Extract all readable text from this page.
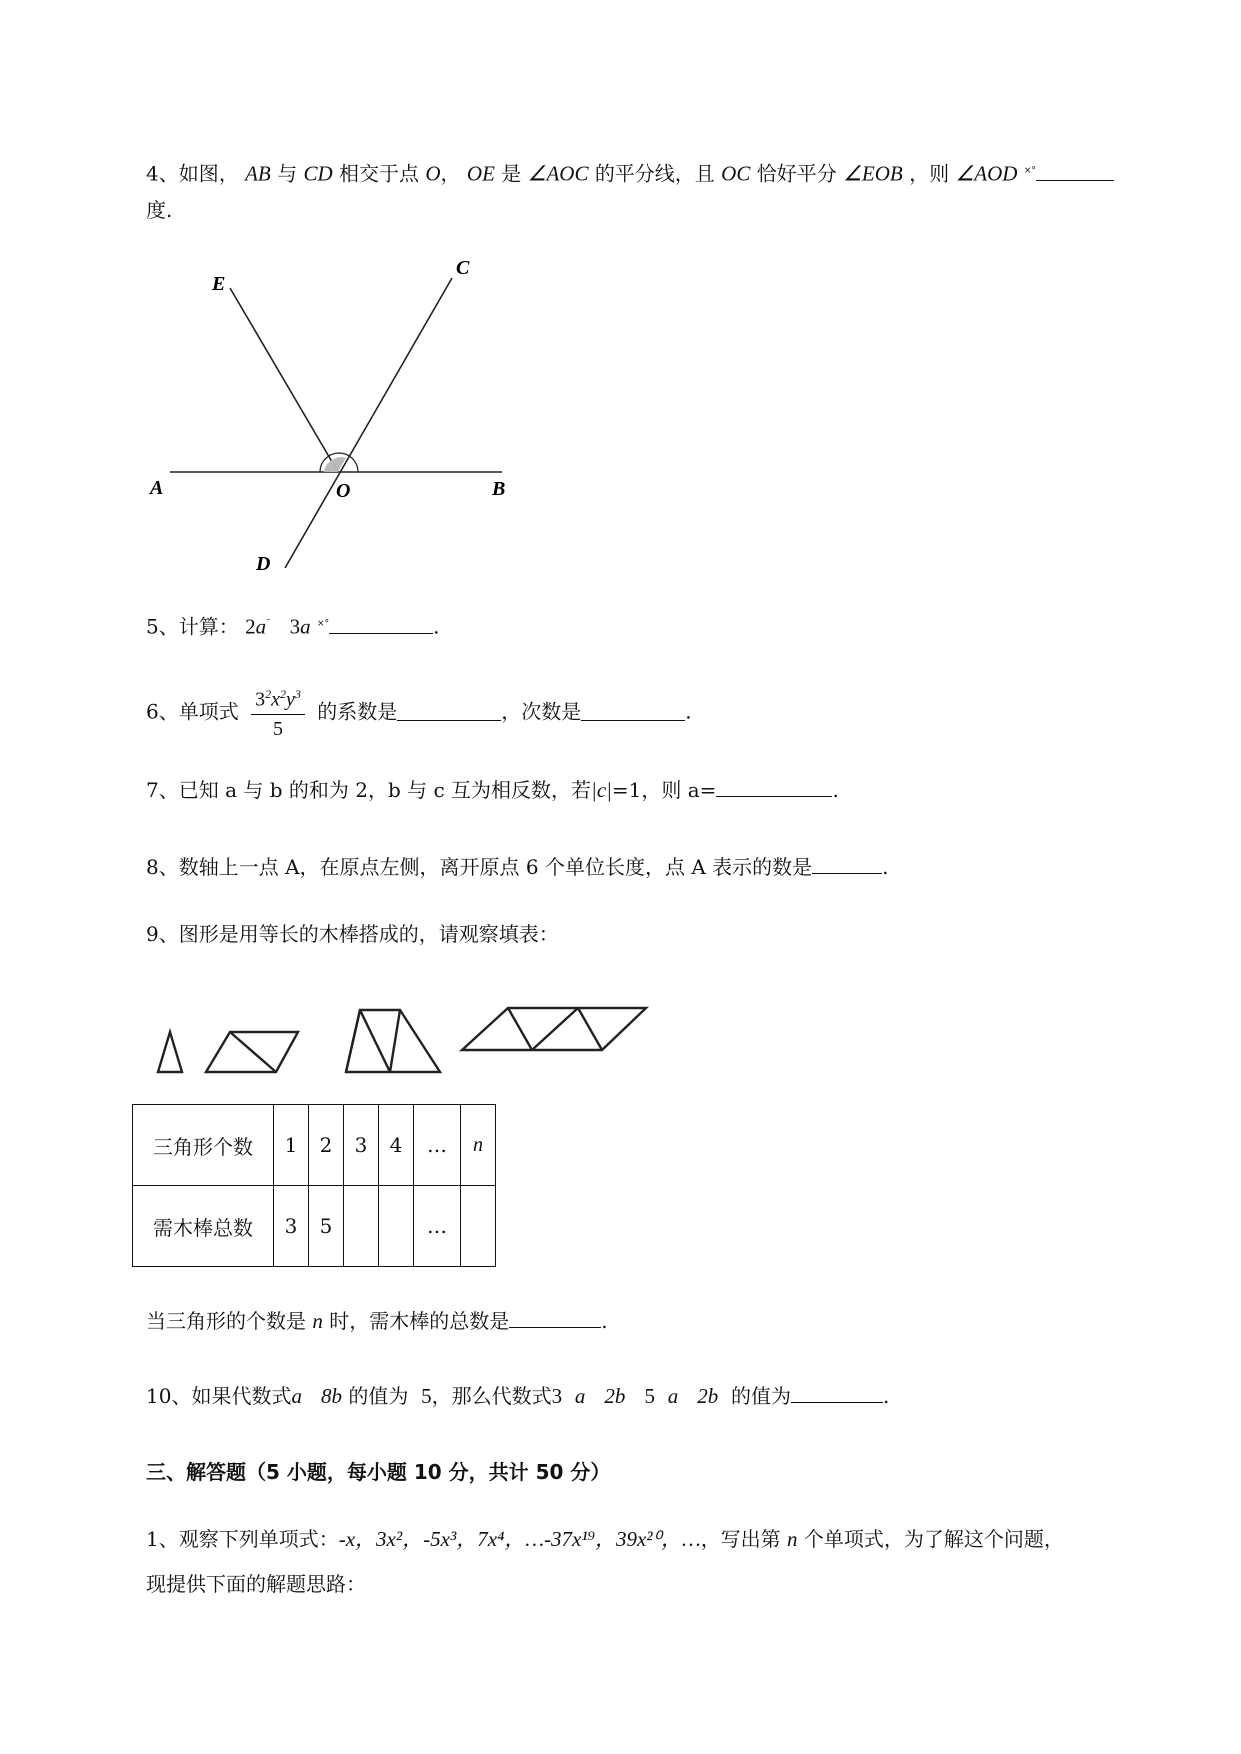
4、如图， AB 与 CD 相交于点 O， OE 是 ∠AOC 的平分线，且 OC 恰好平分 ∠EOB ，则 ∠AOD ×°
度.
E
C
A	O	B
D
5、计算： 2a˜ 3a ×°	.
6、单项式 $\frac{3^2x^2y^3}{5}$ 的系数是	，次数是	.
7、已知 a 与 b 的和为 2，b 与 c 互为相反数，若|c|=1，则 a=	.
8、数轴上一点 A，在原点左侧，离开原点 6 个单位长度，点 A 表示的数是	.
9、图形是用等长的木棒搭成的，请观察填表：
三角形个数	1	2	3	4	…	n
需木棒总数	3	5			…	
当三角形的个数是 n 时，需木棒的总数是	.
10、如果代数式a 8b 的值为 5，那么代数式3 a 2b 5 a 2b 的值为	.
三、解答题（5 小题，每小题 10 分，共计 50 分）
1、观察下列单项式：-x，3x²，-5x³，7x⁴，…-37x¹⁹，39x²⁰，…，写出第 n 个单项式，为了解这个问题，
现提供下面的解题思路：
